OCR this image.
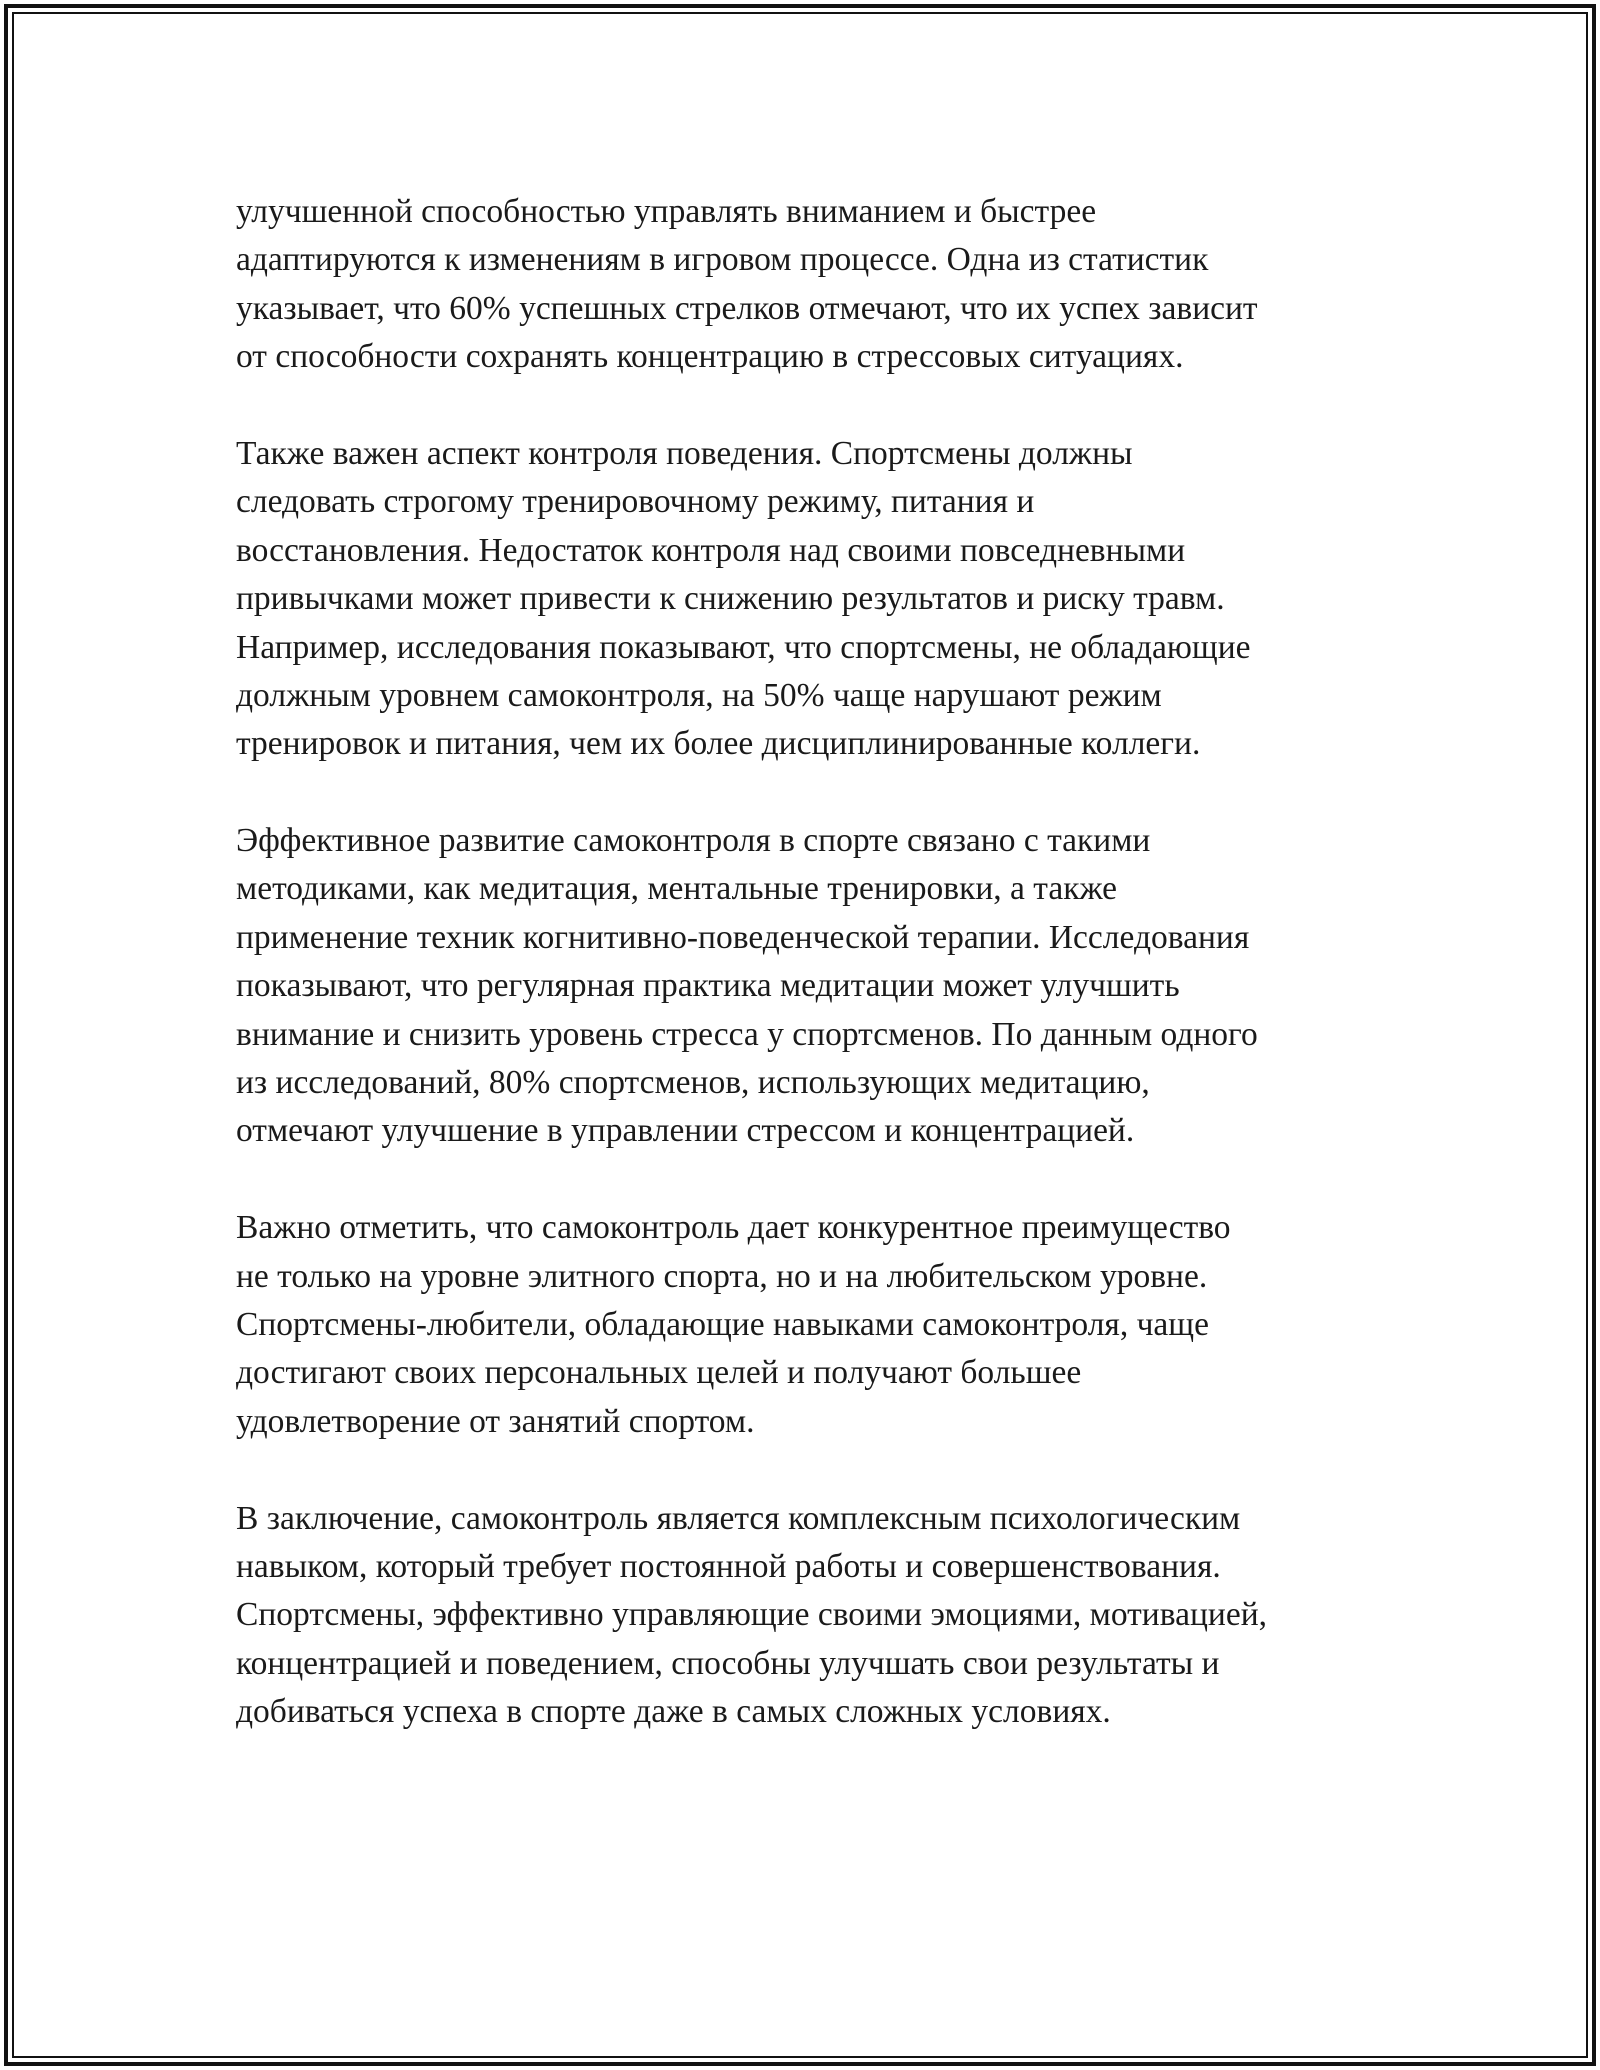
улучшенной способностью управлять вниманием и быстрее
адаптируются к изменениям в игровом процессе. Одна из статистик
указывает, что 60% успешных стрелков отмечают, что их успех зависит
от способности сохранять концентрацию в стрессовых ситуациях.

Также важен аспект контроля поведения. Спортсмены должны
следовать строгому тренировочному режиму, питания и
восстановления. Недостаток контроля над своими повседневными
привычками может привести к снижению результатов и риску травм.
Например, исследования показывают, что спортсмены, не обладающие
должным уровнем самоконтроля, на 50% чаще нарушают режим
тренировок и питания, чем их более дисциплинированные коллеги.

Эффективное развитие самоконтроля в спорте связано с такими
методиками, как медитация, ментальные тренировки, а также
применение техник когнитивно-поведенческой терапии. Исследования
показывают, что регулярная практика медитации может улучшить
внимание и снизить уровень стресса у спортсменов. По данным одного
из исследований, 80% спортсменов, использующих медитацию,
отмечают улучшение в управлении стрессом и концентрацией.

Важно отметить, что самоконтроль дает конкурентное преимущество
не только на уровне элитного спорта, но и на любительском уровне.
Спортсмены-любители, обладающие навыками самоконтроля, чаще
достигают своих персональных целей и получают большее
удовлетворение от занятий спортом.

В заключение, самоконтроль является комплексным психологическим
навыком, который требует постоянной работы и совершенствования.
Спортсмены, эффективно управляющие своими эмоциями, мотивацией,
концентрацией и поведением, способны улучшать свои результаты и
добиваться успеха в спорте даже в самых сложных условиях.
